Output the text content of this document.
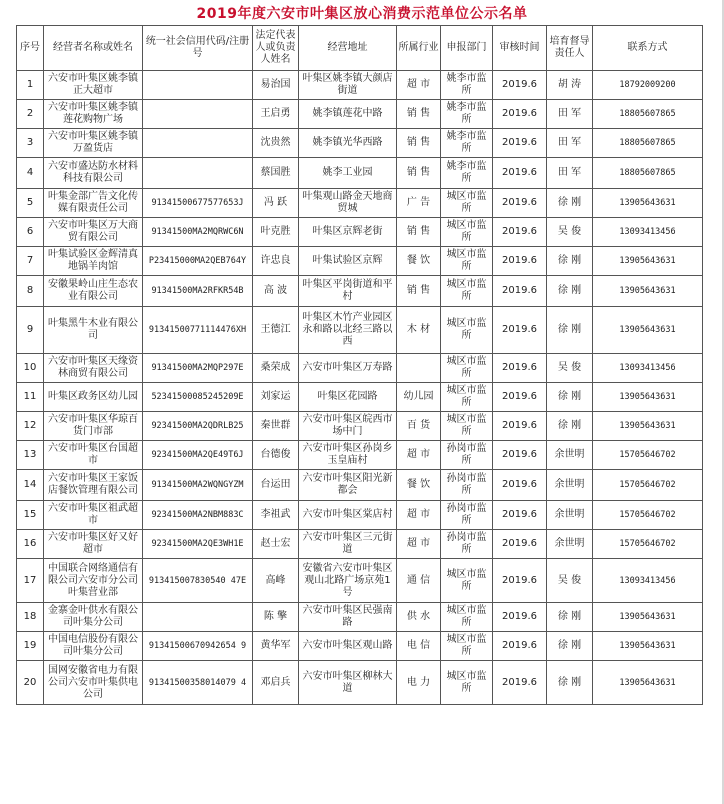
2019年度六安市叶集区放心消费示范单位公示名单
序号	经营者名称或姓名	统一社会信用代码/注册号	法定代表人或负责人姓名	经营地址	所属行业	申报部门	审核时间	培育督导责任人	联系方式
1	六安市叶集区姚李镇正大超市		易治国	叶集区姚李镇大颜店街道	超 市	姚李市监所	2019.6	胡 涛	18792009200
2	六安市叶集区姚李镇莲花购物广场		王启勇	姚李镇莲花中路	销 售	姚李市监所	2019.6	田 军	18805607865
3	六安市叶集区姚李镇万盈货店		沈贵然	姚李镇光华西路	销 售	姚李市监所	2019.6	田 军	18805607865
4	六安市盛达防水材料科技有限公司		蔡国胜	姚李工业园	销 售	姚李市监所	2019.6	田 军	18805607865
5	叶集金部广告文化传媒有限责任公司	91341500677577653J	冯 跃	叶集观山路金天地商贸城	广 告	城区市监所	2019.6	徐 刚	13905643631
6	六安市叶集区万大商贸有限公司	91341500MA2MQRWC6N	叶克胜	叶集区京辉老街	销 售	城区市监所	2019.6	吴 俊	13093413456
7	叶集试验区金辉清真地锅羊肉馆	P23415000MA2QEB764Y	许忠良	叶集试验区京辉	餐 饮	城区市监所	2019.6	徐 刚	13905643631
8	安徽果岭山庄生态农业有限公司	91341500MA2RFKR54B	高 波	叶集区平岗街道和平村	销 售	城区市监所	2019.6	徐 刚	13905643631
9	叶集黑牛木业有限公司	91341500771114476XH	王德江	叶集区木竹产业园区永和路以北经三路以西	木 材	城区市监所	2019.6	徐 刚	13905643631
10	六安市叶集区天缘资林商贸有限公司	91341500MA2MQP297E	桑荣成	六安市叶集区万寿路		城区市监所	2019.6	吴 俊	13093413456
11	叶集区政务区幼儿园	52341500085245209E	刘家运	叶集区花园路	幼儿园	城区市监所	2019.6	徐 刚	13905643631
12	六安市叶集区华琼百货门市部	92341500MA2QDRLB25	秦世群	六安市叶集区皖西市场中门	百 货	城区市监所	2019.6	徐 刚	13905643631
13	六安市叶集区台国超市	92341500MA2QE49T6J	台德俊	六安市叶集区孙岗乡玉皇庙村	超 市	孙岗市监所	2019.6	余世明	15705646702
14	六安市叶集区王家饭店餐饮管理有限公司	91341500MA2WQNGYZM	台运田	六安市叶集区阳光新都会	餐 饮	孙岗市监所	2019.6	余世明	15705646702
15	六安市叶集区祖武超市	92341500MA2NBM883C	李祖武	六安市叶集区棠店村	超 市	孙岗市监所	2019.6	余世明	15705646702
16	六安市叶集区好又好超市	92341500MA2QE3WH1E	赵士宏	六安市叶集区三元街道	超 市	孙岗市监所	2019.6	余世明	15705646702
17	中国联合网络通信有限公司六安市分公司叶集营业部	913415007830540 47E	高峰	安徽省六安市叶集区观山北路广场京苑1号	通 信	城区市监所	2019.6	吴 俊	13093413456
18	金寨金叶供水有限公司叶集分公司		陈 擎	六安市叶集区民强南路	供 水	城区市监所	2019.6	徐 刚	13905643631
19	中国电信股份有限公司叶集分公司	91341500670942654 9	黄华军	六安市叶集区观山路	电 信	城区市监所	2019.6	徐 刚	13905643631
20	国网安徽省电力有限公司六安市叶集供电公司	91341500358014079 4	邓启兵	六安市叶集区柳林大道	电 力	城区市监所	2019.6	徐 刚	13905643631
